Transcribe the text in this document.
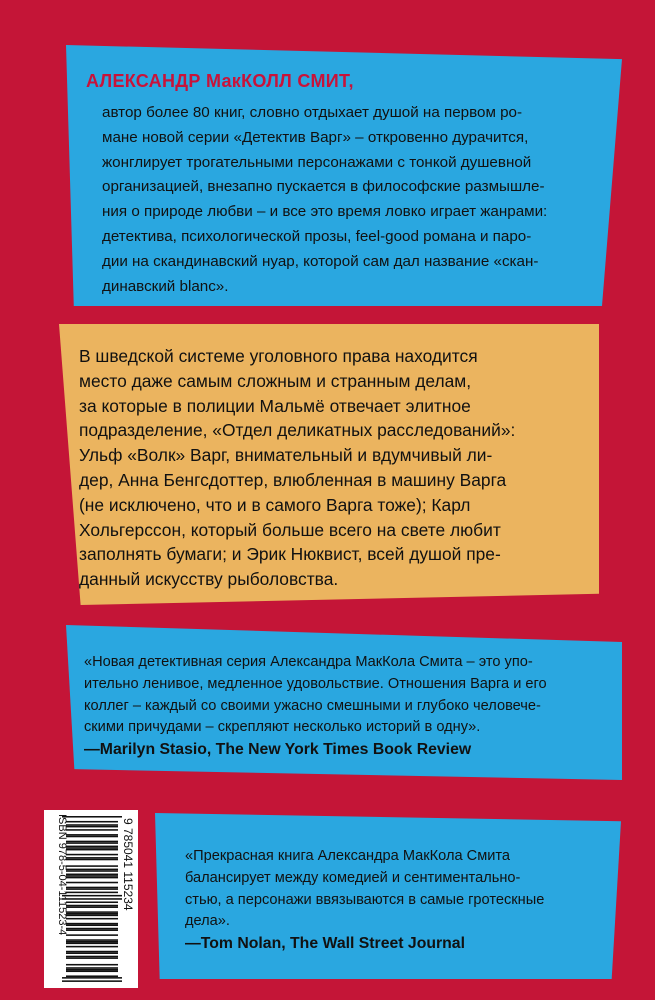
АЛЕКСАНДР МакКОЛЛ СМИТ,
автор более 80 книг, словно отдыхает душой на первом ро-
мане новой серии «Детектив Варг» – откровенно дурачится,
жонглирует трогательными персонажами с тонкой душевной
организацией, внезапно пускается в философские размышле-
ния о природе любви – и все это время ловко играет жанрами:
детектива, психологической прозы, feel-good романа и паро-
дии на скандинавский нуар, которой сам дал название «скан-
динавский blanc».
В шведской системе уголовного права находится
место даже самым сложным и странным делам,
за которые в полиции Мальмё отвечает элитное
подразделение, «Отдел деликатных расследований»:
Ульф «Волк» Варг, внимательный и вдумчивый ли-
дер, Анна Бенгсдоттер, влюбленная в машину Варга
(не исключено, что и в самого Варга тоже); Карл
Хольгерссон, который больше всего на свете любит
заполнять бумаги; и Эрик Нюквист, всей душой пре-
данный искусству рыболовства.
«Новая детективная серия Александра МакКола Смита – это упо-
ительно ленивое, медленное удовольствие. Отношения Варга и его
коллег – каждый со своими ужасно смешными и глубоко человече-
скими причудами – скрепляют несколько историй в одну».
—Marilyn Stasio, The New York Times Book Review
ISBN 978-5-04-111523-4	9 785041 115234	«Прекрасная книга Александра МакКола Смита
балансирует между комедией и сентиментально-
стью, а персонажи ввязываются в самые гротескные
дела».
—Tom Nolan, The Wall Street Journal
